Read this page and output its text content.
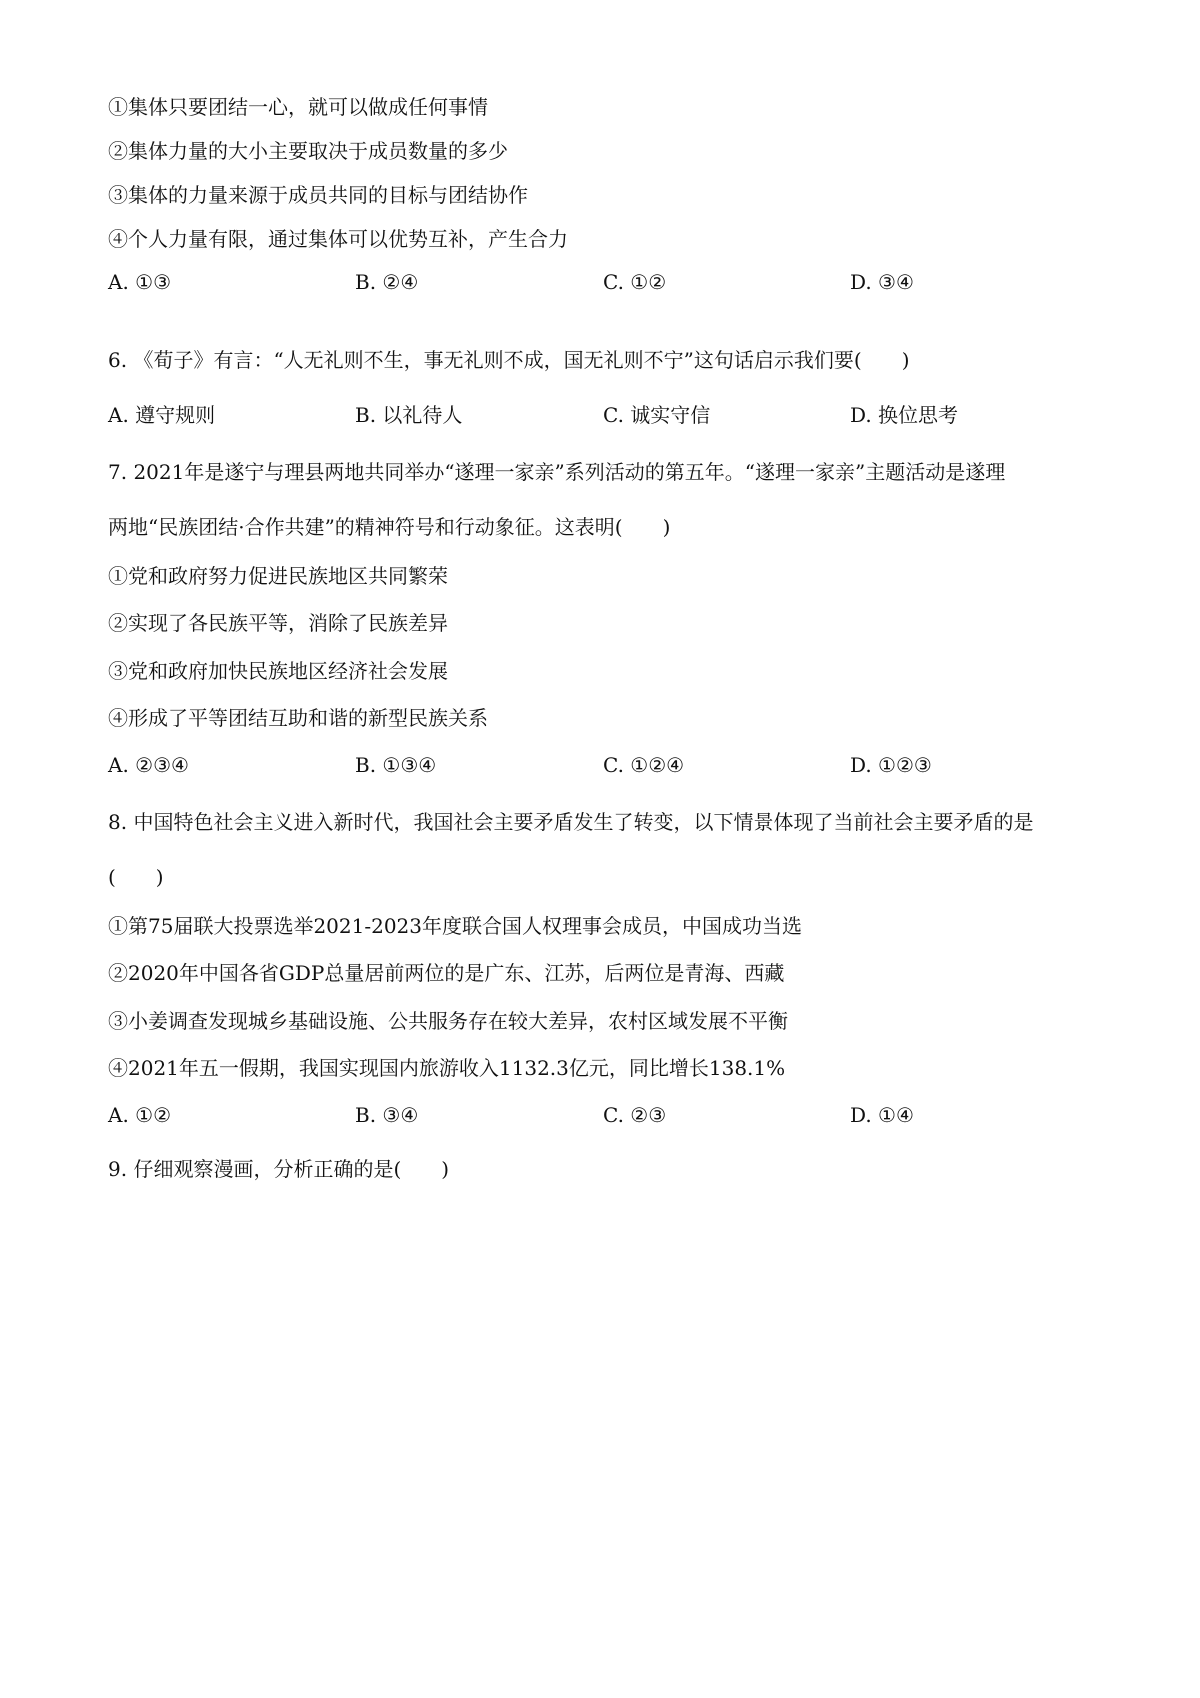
①集体只要团结一心，就可以做成任何事情
②集体力量的大小主要取决于成员数量的多少
③集体的力量来源于成员共同的目标与团结协作
④个人力量有限，通过集体可以优势互补，产生合力
A. ①③	B. ②④	C. ①②	D. ③④
6. 《荀子》有言：“人无礼则不生，事无礼则不成，国无礼则不宁”这句话启示我们要(　　)
A. 遵守规则	B. 以礼待人	C. 诚实守信	D. 换位思考
7. 2021年是遂宁与理县两地共同举办“遂理一家亲”系列活动的第五年。“遂理一家亲”主题活动是遂理
两地“民族团结·合作共建”的精神符号和行动象征。这表明(　　)
①党和政府努力促进民族地区共同繁荣
②实现了各民族平等，消除了民族差异
③党和政府加快民族地区经济社会发展
④形成了平等团结互助和谐的新型民族关系
A. ②③④	B. ①③④	C. ①②④	D. ①②③
8. 中国特色社会主义进入新时代，我国社会主要矛盾发生了转变，以下情景体现了当前社会主要矛盾的是
(　　)
①第75届联大投票选举2021-2023年度联合国人权理事会成员，中国成功当选
②2020年中国各省GDP总量居前两位的是广东、江苏，后两位是青海、西藏
③小姜调查发现城乡基础设施、公共服务存在较大差异，农村区域发展不平衡
④2021年五一假期，我国实现国内旅游收入1132.3亿元，同比增长138.1%
A. ①②	B. ③④	C. ②③	D. ①④
9. 仔细观察漫画，分析正确的是(　　)
